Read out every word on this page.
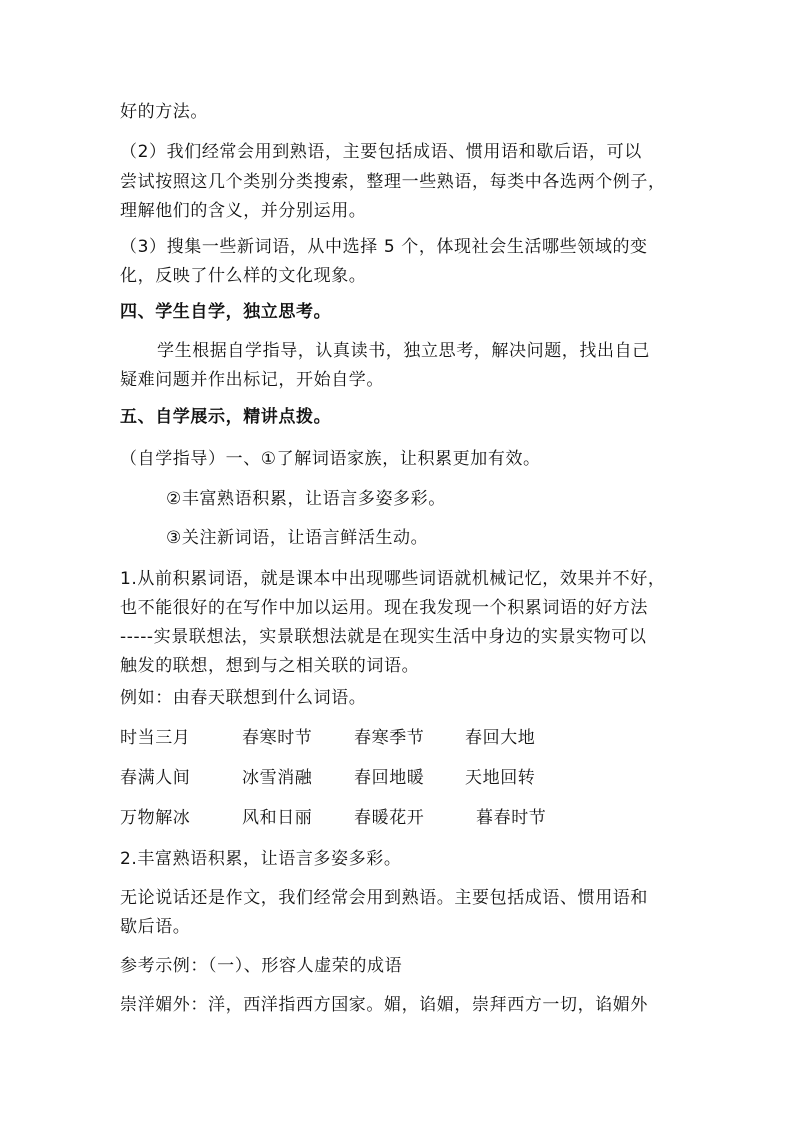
好的方法。
（2）我们经常会用到熟语，主要包括成语、惯用语和歇后语，可以
尝试按照这几个类别分类搜索，整理一些熟语，每类中各选两个例子，
理解他们的含义，并分别运用。
（3）搜集一些新词语，从中选择 5 个，体现社会生活哪些领域的变
化，反映了什么样的文化现象。
四、学生自学，独立思考。
学生根据自学指导，认真读书，独立思考，解决问题，找出自己
疑难问题并作出标记，开始自学。
五、自学展示，精讲点拨。
（自学指导）一、①了解词语家族，让积累更加有效。
②丰富熟语积累，让语言多姿多彩。
③关注新词语，让语言鲜活生动。
1.从前积累词语，就是课本中出现哪些词语就机械记忆，效果并不好，
也不能很好的在写作中加以运用。现在我发现一个积累词语的好方法
-----实景联想法，实景联想法就是在现实生活中身边的实景实物可以
触发的联想，想到与之相关联的词语。
例如：由春天联想到什么词语。
时当三月	春寒时节 春寒季节 春回大地
春满人间	冰雪消融 春回地暖 天地回转
万物解冰	风和日丽 春暖花开	暮春时节
2.丰富熟语积累，让语言多姿多彩。
无论说话还是作文，我们经常会用到熟语。主要包括成语、惯用语和
歇后语。
参考示例：（一）、形容人虚荣的成语
崇洋媚外：洋，西洋指西方国家。媚，谄媚，崇拜西方一切，谄媚外
